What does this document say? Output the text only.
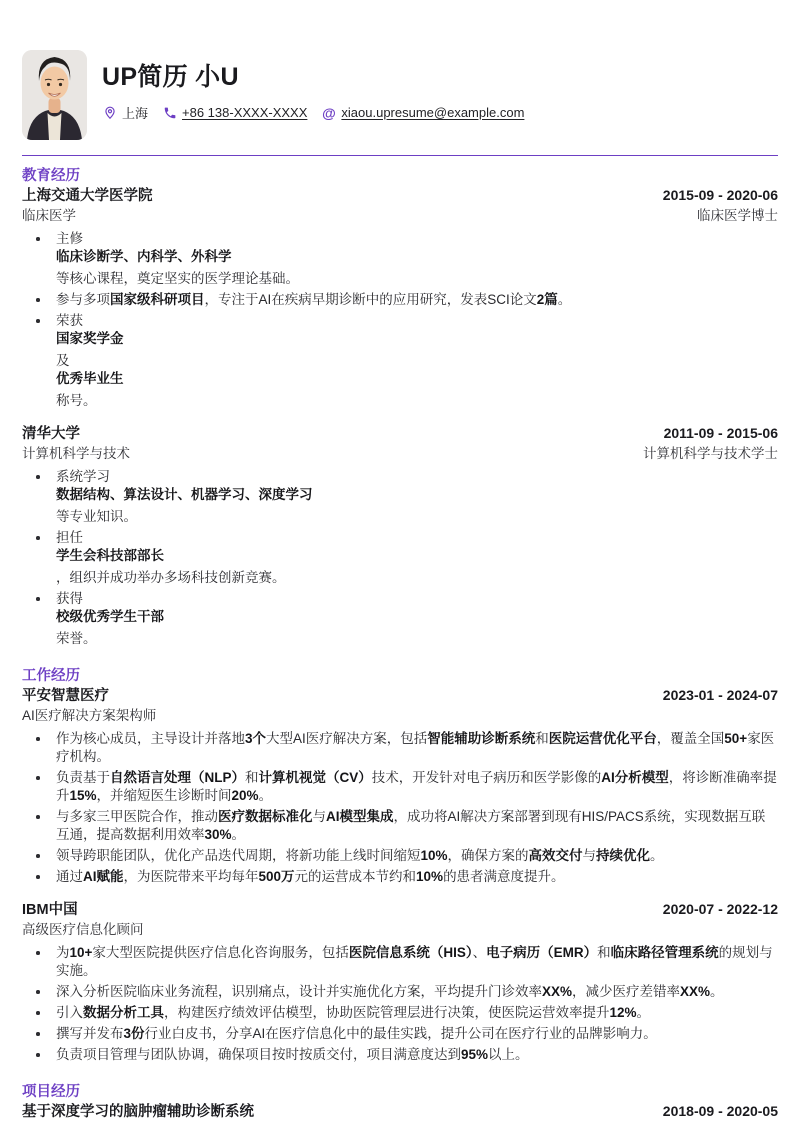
UP简历 小U
上海	+86 138-XXXX-XXXX @ xiaou.upresume@example.com
教育经历
上海交通大学医学院	2015-09 - 2020-06
临床医学	临床医学博士
主修
临床诊断学、内科学、外科学
等核心课程，奠定坚实的医学理论基础。
参与多项国家级科研项目，专注于AI在疾病早期诊断中的应用研究，发表SCI论文2篇。
荣获
国家奖学金
及
优秀毕业生
称号。
清华大学	2011-09 - 2015-06
计算机科学与技术	计算机科学与技术学士
系统学习
数据结构、算法设计、机器学习、深度学习
等专业知识。
担任
学生会科技部部长
，组织并成功举办多场科技创新竞赛。
获得
校级优秀学生干部
荣誉。
工作经历
平安智慧医疗	2023-01 - 2024-07
AI医疗解决方案架构师
作为核心成员，主导设计并落地3个大型AI医疗解决方案，包括智能辅助诊断系统和医院运营优化平台，覆盖全国50+家医疗机构。
负责基于自然语言处理（NLP）和计算机视觉（CV）技术，开发针对电子病历和医学影像的AI分析模型，将诊断准确率提升15%，并缩短医生诊断时间20%。
与多家三甲医院合作，推动医疗数据标准化与AI模型集成，成功将AI解决方案部署到现有HIS/PACS系统，实现数据互联互通，提高数据利用效率30%。
领导跨职能团队，优化产品迭代周期，将新功能上线时间缩短10%，确保方案的高效交付与持续优化。
通过AI赋能，为医院带来平均每年500万元的运营成本节约和10%的患者满意度提升。
IBM中国	2020-07 - 2022-12
高级医疗信息化顾问
为10+家大型医院提供医疗信息化咨询服务，包括医院信息系统（HIS）、电子病历（EMR）和临床路径管理系统的规划与实施。
深入分析医院临床业务流程，识别痛点，设计并实施优化方案，平均提升门诊效率XX%，减少医疗差错率XX%。
引入数据分析工具，构建医疗绩效评估模型，协助医院管理层进行决策，使医院运营效率提升12%。
撰写并发布3份行业白皮书，分享AI在医疗信息化中的最佳实践，提升公司在医疗行业的品牌影响力。
负责项目管理与团队协调，确保项目按时按质交付，项目满意度达到95%以上。
项目经历
基于深度学习的脑肿瘤辅助诊断系统	2018-09 - 2020-05
